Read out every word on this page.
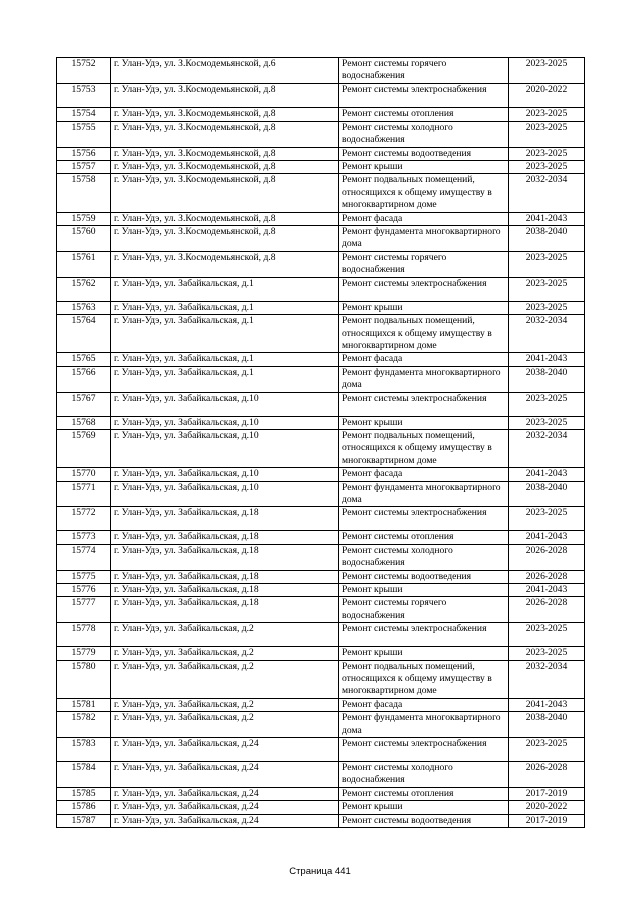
15752	г. Улан-Удэ, ул. З.Космодемьянской, д.6	Ремонт системы горячего водоснабжения	2023-2025
15753	г. Улан-Удэ, ул. З.Космодемьянской, д.8	Ремонт системы электроснабжения	2020-2022
15754	г. Улан-Удэ, ул. З.Космодемьянской, д.8	Ремонт системы отопления	2023-2025
15755	г. Улан-Удэ, ул. З.Космодемьянской, д.8	Ремонт системы холодного водоснабжения	2023-2025
15756	г. Улан-Удэ, ул. З.Космодемьянской, д.8	Ремонт системы водоотведения	2023-2025
15757	г. Улан-Удэ, ул. З.Космодемьянской, д.8	Ремонт крыши	2023-2025
15758	г. Улан-Удэ, ул. З.Космодемьянской, д.8	Ремонт подвальных помещений, относящихся к общему имуществу в многоквартирном доме	2032-2034
15759	г. Улан-Удэ, ул. З.Космодемьянской, д.8	Ремонт фасада	2041-2043
15760	г. Улан-Удэ, ул. З.Космодемьянской, д.8	Ремонт фундамента многоквартирного дома	2038-2040
15761	г. Улан-Удэ, ул. З.Космодемьянской, д.8	Ремонт системы горячего водоснабжения	2023-2025
15762	г. Улан-Удэ, ул. Забайкальская, д.1	Ремонт системы электроснабжения	2023-2025
15763	г. Улан-Удэ, ул. Забайкальская, д.1	Ремонт крыши	2023-2025
15764	г. Улан-Удэ, ул. Забайкальская, д.1	Ремонт подвальных помещений, относящихся к общему имуществу в многоквартирном доме	2032-2034
15765	г. Улан-Удэ, ул. Забайкальская, д.1	Ремонт фасада	2041-2043
15766	г. Улан-Удэ, ул. Забайкальская, д.1	Ремонт фундамента многоквартирного дома	2038-2040
15767	г. Улан-Удэ, ул. Забайкальская, д.10	Ремонт системы электроснабжения	2023-2025
15768	г. Улан-Удэ, ул. Забайкальская, д.10	Ремонт крыши	2023-2025
15769	г. Улан-Удэ, ул. Забайкальская, д.10	Ремонт подвальных помещений, относящихся к общему имуществу в многоквартирном доме	2032-2034
15770	г. Улан-Удэ, ул. Забайкальская, д.10	Ремонт фасада	2041-2043
15771	г. Улан-Удэ, ул. Забайкальская, д.10	Ремонт фундамента многоквартирного дома	2038-2040
15772	г. Улан-Удэ, ул. Забайкальская, д.18	Ремонт системы электроснабжения	2023-2025
15773	г. Улан-Удэ, ул. Забайкальская, д.18	Ремонт системы отопления	2041-2043
15774	г. Улан-Удэ, ул. Забайкальская, д.18	Ремонт системы холодного водоснабжения	2026-2028
15775	г. Улан-Удэ, ул. Забайкальская, д.18	Ремонт системы водоотведения	2026-2028
15776	г. Улан-Удэ, ул. Забайкальская, д.18	Ремонт крыши	2041-2043
15777	г. Улан-Удэ, ул. Забайкальская, д.18	Ремонт системы горячего водоснабжения	2026-2028
15778	г. Улан-Удэ, ул. Забайкальская, д.2	Ремонт системы электроснабжения	2023-2025
15779	г. Улан-Удэ, ул. Забайкальская, д.2	Ремонт крыши	2023-2025
15780	г. Улан-Удэ, ул. Забайкальская, д.2	Ремонт подвальных помещений, относящихся к общему имуществу в многоквартирном доме	2032-2034
15781	г. Улан-Удэ, ул. Забайкальская, д.2	Ремонт фасада	2041-2043
15782	г. Улан-Удэ, ул. Забайкальская, д.2	Ремонт фундамента многоквартирного дома	2038-2040
15783	г. Улан-Удэ, ул. Забайкальская, д.24	Ремонт системы электроснабжения	2023-2025
15784	г. Улан-Удэ, ул. Забайкальская, д.24	Ремонт системы холодного водоснабжения	2026-2028
15785	г. Улан-Удэ, ул. Забайкальская, д.24	Ремонт системы отопления	2017-2019
15786	г. Улан-Удэ, ул. Забайкальская, д.24	Ремонт крыши	2020-2022
15787	г. Улан-Удэ, ул. Забайкальская, д.24	Ремонт системы водоотведения	2017-2019
Страница 441
